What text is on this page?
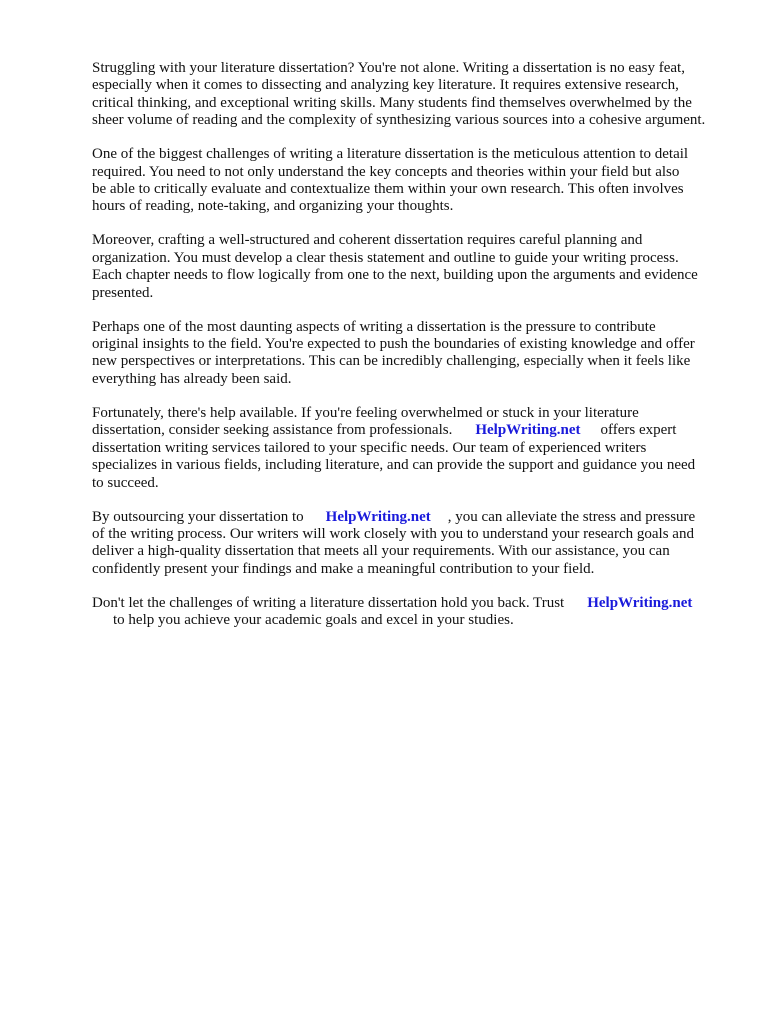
Struggling with your literature dissertation? You're not alone. Writing a dissertation is no easy feat,
especially when it comes to dissecting and analyzing key literature. It requires extensive research,
critical thinking, and exceptional writing skills. Many students find themselves overwhelmed by the
sheer volume of reading and the complexity of synthesizing various sources into a cohesive argument.

One of the biggest challenges of writing a literature dissertation is the meticulous attention to detail
required. You need to not only understand the key concepts and theories within your field but also
be able to critically evaluate and contextualize them within your own research. This often involves
hours of reading, note-taking, and organizing your thoughts.

Moreover, crafting a well-structured and coherent dissertation requires careful planning and
organization. You must develop a clear thesis statement and outline to guide your writing process.
Each chapter needs to flow logically from one to the next, building upon the arguments and evidence
presented.

Perhaps one of the most daunting aspects of writing a dissertation is the pressure to contribute
original insights to the field. You're expected to push the boundaries of existing knowledge and offer
new perspectives or interpretations. This can be incredibly challenging, especially when it feels like
everything has already been said.

Fortunately, there's help available. If you're feeling overwhelmed or stuck in your literature
dissertation, consider seeking assistance from professionals. HelpWriting.net offers expert
dissertation writing services tailored to your specific needs. Our team of experienced writers
specializes in various fields, including literature, and can provide the support and guidance you need
to succeed.

By outsourcing your dissertation to HelpWriting.net , you can alleviate the stress and pressure
of the writing process. Our writers will work closely with you to understand your research goals and
deliver a high-quality dissertation that meets all your requirements. With our assistance, you can
confidently present your findings and make a meaningful contribution to your field.

Don't let the challenges of writing a literature dissertation hold you back. Trust HelpWriting.net
to help you achieve your academic goals and excel in your studies.
